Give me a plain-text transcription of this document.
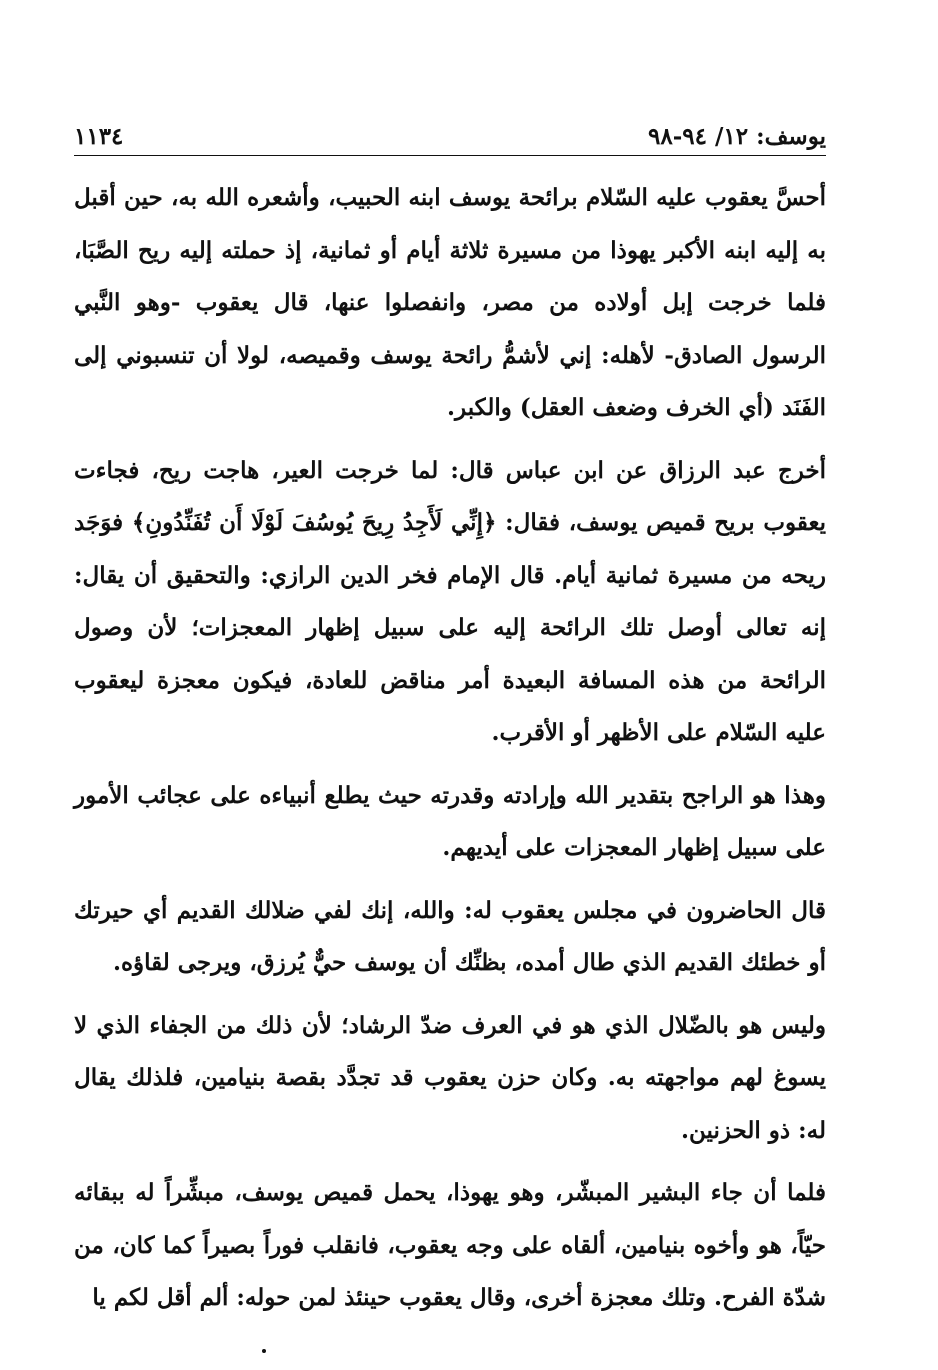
يوسف: ١٢/ ٩٤-٩٨
١١٣٤

أحسَّ يعقوب عليه السّلام برائحة يوسف ابنه الحبيب، وأشعره الله به، حين أقبل به إليه ابنه الأكبر يهوذا من مسيرة ثلاثة أيام أو ثمانية، إذ حملته إليه ريح الصَّبَا، فلما خرجت إبل أولاده من مصر، وانفصلوا عنها، قال يعقوب -وهو النَّبي الرسول الصادق- لأهله: إني لأشمُّ رائحة يوسف وقميصه، لولا أن تنسبوني إلى الفَنَد (أي الخرف وضعف العقل) والكبر.

أخرج عبد الرزاق عن ابن عباس قال: لما خرجت العير، هاجت ريح، فجاءت يعقوب بريح قميص يوسف، فقال: ﴿إِنِّي لَأَجِدُ رِيحَ يُوسُفَ لَوْلَا أَن تُفَنِّدُونِ﴾ فوَجَد ريحه من مسيرة ثمانية أيام. قال الإمام فخر الدين الرازي: والتحقيق أن يقال: إنه تعالى أوصل تلك الرائحة إليه على سبيل إظهار المعجزات؛ لأن وصول الرائحة من هذه المسافة البعيدة أمر مناقض للعادة، فيكون معجزة ليعقوب عليه السّلام على الأظهر أو الأقرب.

وهذا هو الراجح بتقدير الله وإرادته وقدرته حيث يطلع أنبياءه على عجائب الأمور على سبيل إظهار المعجزات على أيديهم.

قال الحاضرون في مجلس يعقوب له: والله، إنك لفي ضلالك القديم أي حيرتك أو خطئك القديم الذي طال أمده، بظنِّك أن يوسف حيٌّ يُرزق، ويرجى لقاؤه.

وليس هو بالضّلال الذي هو في العرف ضدّ الرشاد؛ لأن ذلك من الجفاء الذي لا يسوغ لهم مواجهته به. وكان حزن يعقوب قد تجدَّد بقصة بنيامين، فلذلك يقال له: ذو الحزنين.

فلما أن جاء البشير المبشّر، وهو يهوذا، يحمل قميص يوسف، مبشِّراً له ببقائه حيّاً، هو وأخوه بنيامين، ألقاه على وجه يعقوب، فانقلب فوراً بصيراً كما كان، من شدّة الفرح. وتلك معجزة أخرى، وقال يعقوب حينئذ لمن حوله: ألم أقل لكم يا
